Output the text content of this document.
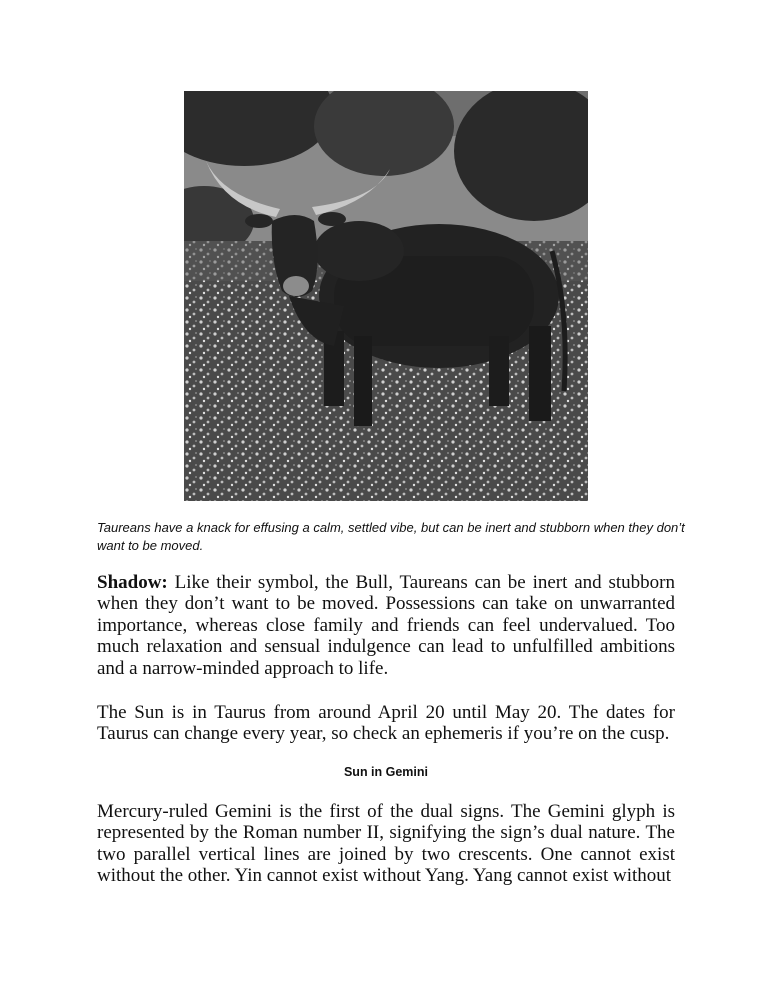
Taureans have a knack for effusing a calm, settled vibe, but can be inert and stubborn when they don’t want to be moved.

Shadow: Like their symbol, the Bull, Taureans can be inert and stubborn when they don’t want to be moved. Possessions can take on unwarranted importance, whereas close family and friends can feel undervalued. Too much relaxation and sensual indulgence can lead to unfulfilled ambitions and a narrow-minded approach to life.

The Sun is in Taurus from around April 20 until May 20. The dates for Taurus can change every year, so check an ephemeris if you’re on the cusp.

Sun in Gemini

Mercury-ruled Gemini is the first of the dual signs. The Gemini glyph is represented by the Roman number II, signifying the sign’s dual nature. The two parallel vertical lines are joined by two crescents. One cannot exist without the other. Yin cannot exist without Yang. Yang cannot exist without
